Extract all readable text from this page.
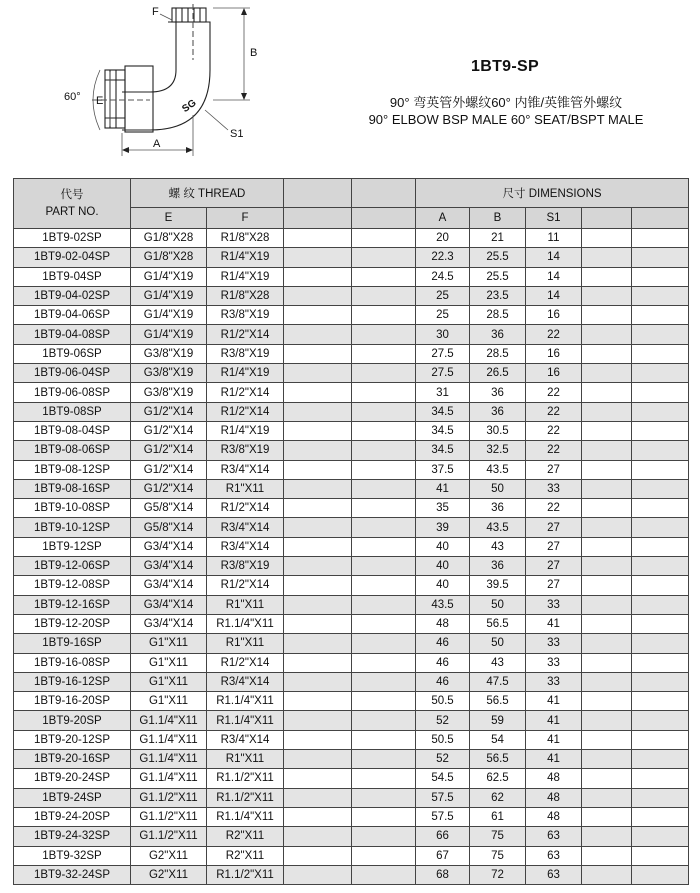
F
B
E
A
S1
60°
SG
1BT9-SP
90° 弯英管外螺纹60° 内锥/英锥管外螺纹
90° ELBOW BSP MALE 60° SEAT/BSPT MALE
代号
PART NO.	螺 纹 THREAD				尺寸 DIMENSIONS				
	E	F			A	B	S1		
1BT9-02SP	G1/8"X28	R1/8"X28			20	21	11		
1BT9-02-04SP	G1/8"X28	R1/4"X19			22.3	25.5	14		
1BT9-04SP	G1/4"X19	R1/4"X19			24.5	25.5	14		
1BT9-04-02SP	G1/4"X19	R1/8"X28			25	23.5	14		
1BT9-04-06SP	G1/4"X19	R3/8"X19			25	28.5	16		
1BT9-04-08SP	G1/4"X19	R1/2"X14			30	36	22		
1BT9-06SP	G3/8"X19	R3/8"X19			27.5	28.5	16		
1BT9-06-04SP	G3/8"X19	R1/4"X19			27.5	26.5	16		
1BT9-06-08SP	G3/8"X19	R1/2"X14			31	36	22		
1BT9-08SP	G1/2"X14	R1/2"X14			34.5	36	22		
1BT9-08-04SP	G1/2"X14	R1/4"X19			34.5	30.5	22		
1BT9-08-06SP	G1/2"X14	R3/8"X19			34.5	32.5	22		
1BT9-08-12SP	G1/2"X14	R3/4"X14			37.5	43.5	27		
1BT9-08-16SP	G1/2"X14	R1"X11			41	50	33		
1BT9-10-08SP	G5/8"X14	R1/2"X14			35	36	22		
1BT9-10-12SP	G5/8"X14	R3/4"X14			39	43.5	27		
1BT9-12SP	G3/4"X14	R3/4"X14			40	43	27		
1BT9-12-06SP	G3/4"X14	R3/8"X19			40	36	27		
1BT9-12-08SP	G3/4"X14	R1/2"X14			40	39.5	27		
1BT9-12-16SP	G3/4"X14	R1"X11			43.5	50	33		
1BT9-12-20SP	G3/4"X14	R1.1/4"X11			48	56.5	41		
1BT9-16SP	G1"X11	R1"X11			46	50	33		
1BT9-16-08SP	G1"X11	R1/2"X14			46	43	33		
1BT9-16-12SP	G1"X11	R3/4"X14			46	47.5	33		
1BT9-16-20SP	G1"X11	R1.1/4"X11			50.5	56.5	41		
1BT9-20SP	G1.1/4"X11	R1.1/4"X11			52	59	41		
1BT9-20-12SP	G1.1/4"X11	R3/4"X14			50.5	54	41		
1BT9-20-16SP	G1.1/4"X11	R1"X11			52	56.5	41		
1BT9-20-24SP	G1.1/4"X11	R1.1/2"X11			54.5	62.5	48		
1BT9-24SP	G1.1/2"X11	R1.1/2"X11			57.5	62	48		
1BT9-24-20SP	G1.1/2"X11	R1.1/4"X11			57.5	61	48		
1BT9-24-32SP	G1.1/2"X11	R2"X11			66	75	63		
1BT9-32SP	G2"X11	R2"X11			67	75	63		
1BT9-32-24SP	G2"X11	R1.1/2"X11			68	72	63		
